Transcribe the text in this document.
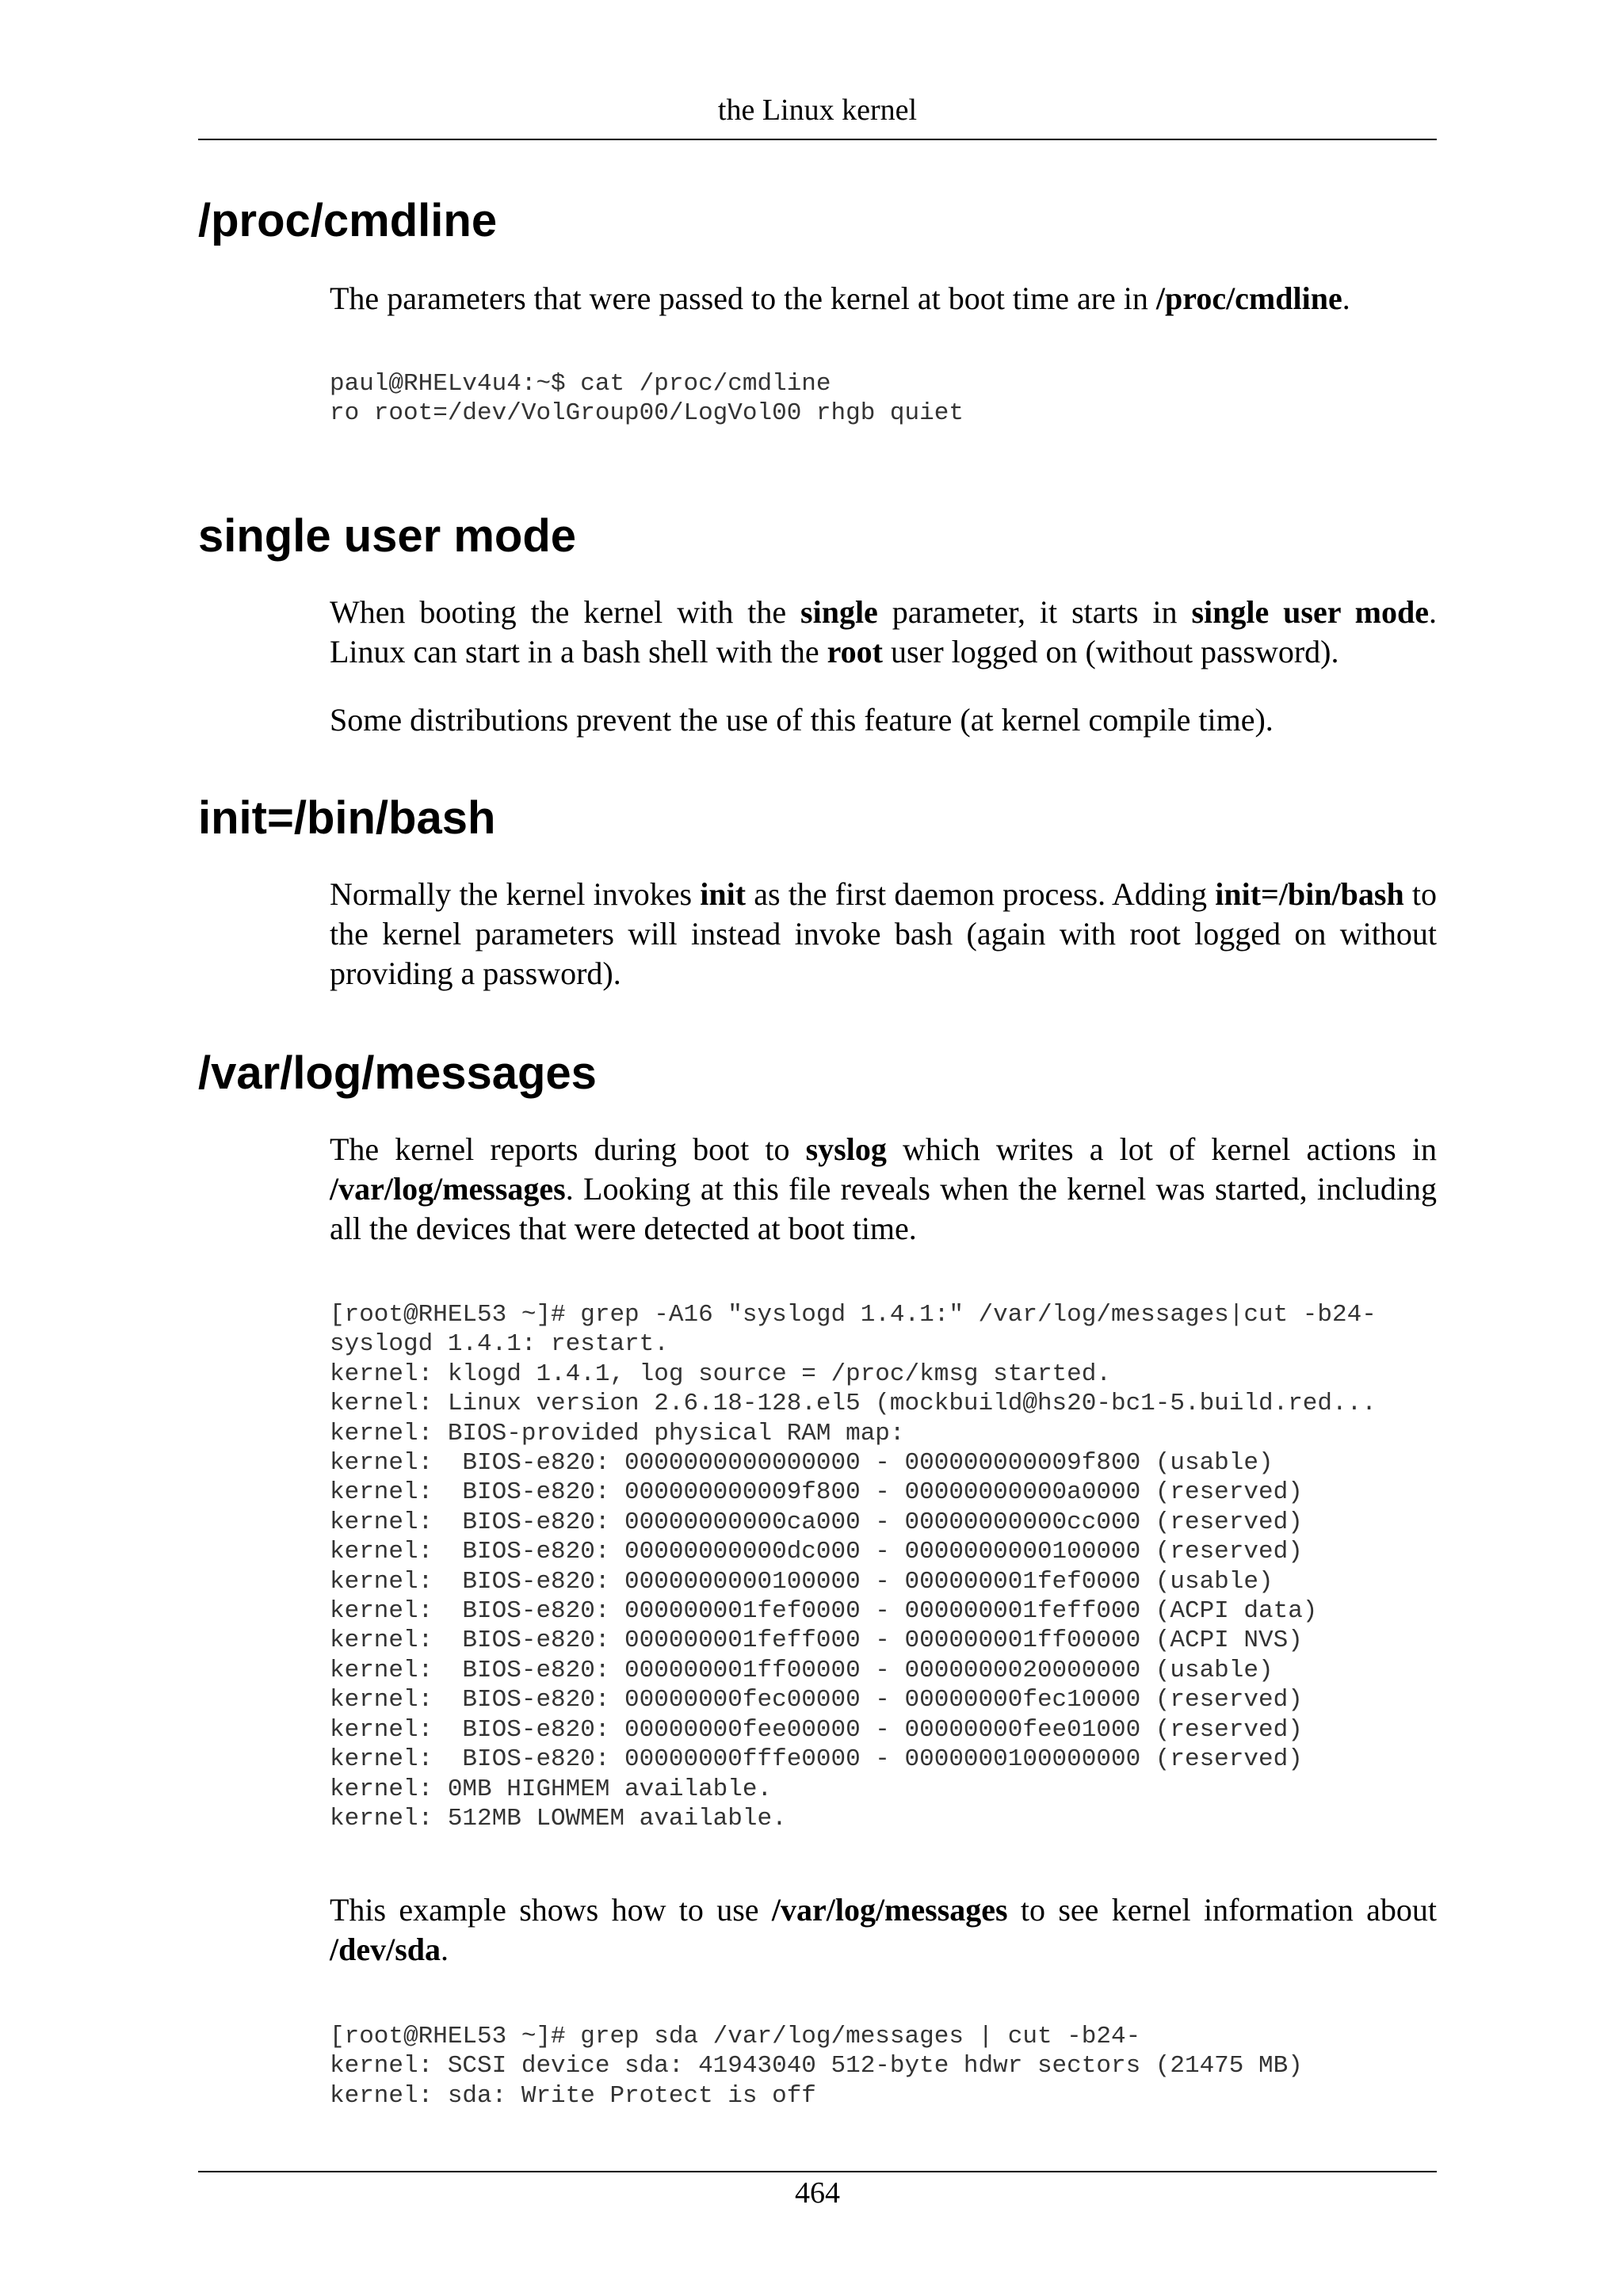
the Linux kernel
/proc/cmdline

The parameters that were passed to the kernel at boot time are in /proc/cmdline.

paul@RHELv4u4:~$ cat /proc/cmdline
ro root=/dev/VolGroup00/LogVol00 rhgb quiet
single user mode

When booting the kernel with the single parameter, it starts in single user mode. Linux can start in a bash shell with the root user logged on (without password).

Some distributions prevent the use of this feature (at kernel compile time).

init=/bin/bash

Normally the kernel invokes init as the first daemon process. Adding init=/bin/bash to the kernel parameters will instead invoke bash (again with root logged on without providing a password).

/var/log/messages

The kernel reports during boot to syslog which writes a lot of kernel actions in /var/log/messages. Looking at this file reveals when the kernel was started, including all the devices that were detected at boot time.

[root@RHEL53 ~]# grep -A16 "syslogd 1.4.1:" /var/log/messages|cut -b24-
syslogd 1.4.1: restart.
kernel: klogd 1.4.1, log source = /proc/kmsg started.
kernel: Linux version 2.6.18-128.el5 (mockbuild@hs20-bc1-5.build.red...
kernel: BIOS-provided physical RAM map:
kernel:  BIOS-e820: 0000000000000000 - 000000000009f800 (usable)
kernel:  BIOS-e820: 000000000009f800 - 00000000000a0000 (reserved)
kernel:  BIOS-e820: 00000000000ca000 - 00000000000cc000 (reserved)
kernel:  BIOS-e820: 00000000000dc000 - 0000000000100000 (reserved)
kernel:  BIOS-e820: 0000000000100000 - 000000001fef0000 (usable)
kernel:  BIOS-e820: 000000001fef0000 - 000000001feff000 (ACPI data)
kernel:  BIOS-e820: 000000001feff000 - 000000001ff00000 (ACPI NVS)
kernel:  BIOS-e820: 000000001ff00000 - 0000000020000000 (usable)
kernel:  BIOS-e820: 00000000fec00000 - 00000000fec10000 (reserved)
kernel:  BIOS-e820: 00000000fee00000 - 00000000fee01000 (reserved)
kernel:  BIOS-e820: 00000000fffe0000 - 0000000100000000 (reserved)
kernel: 0MB HIGHMEM available.
kernel: 512MB LOWMEM available.

This example shows how to use /var/log/messages to see kernel information about /dev/sda.

[root@RHEL53 ~]# grep sda /var/log/messages | cut -b24-
kernel: SCSI device sda: 41943040 512-byte hdwr sectors (21475 MB)
kernel: sda: Write Protect is off
464
